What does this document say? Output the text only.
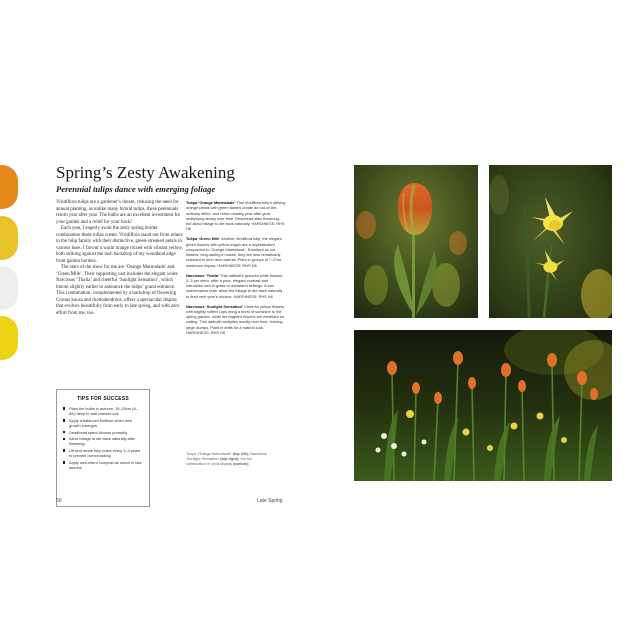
Spring’s Zesty Awakening
Perennial tulips dance with emerging foliage

Viridiflora tulips are a gardener’s dream, reducing the need for annual planting, as unlike many hybrid tulips, these perennials return year after year. The bulbs are an excellent investment for your garden and a relief for your back!

Each year, I eagerly await the zesty spring border combination these tulips create. Viridiflora stand out from others in the tulip family with their distinctive, green-streaked petals in various hues. I favour a warm orange mixed with vibrant yellow, both striking against the lush backdrop of my woodland edge front garden borders.

The stars of the show for me are ‘Orange Marmalade’ and ‘Green Mile’. Their supporting cast includes the elegant white Narcissus ‘Thalia’ and cheerful ‘Sunlight Sensation’, which bloom slightly earlier to announce the tulips’ grand entrance. This combination, complemented by a backdrop of flowering Cornus kousa and rhododendrons, offers a spectacular display that evolves beautifully from early to late spring, and with zero effort from me, too.

Tulipa ‘Orange Marmalade’ This Viridiflora tulip’s striking orange petals with green flames create an out-of-the-ordinary effect, and return reliably year after year, multiplying slowly over time. Deadhead after flowering, but allow foliage to die back naturally. HARDINESS: RHS H6

Tulipa ‘Green Mile’ Another Viridiflora tulip, the elegant green flowers with yellow edges are a sophisticated companion to ‘Orange Marmalade’. Excellent as cut flowers, long-lasting in vases, they are also remarkably resistant to deer and rodents. Plant in groups of 7–9 for maximum impact. HARDINESS: RHS H6

Narcissus ‘Thalia’ This daffodil’s graceful white flowers, 2–3 per stem, offer a pure, elegant contrast and naturalise well in grass or woodland settings. A low-maintenance bulb; allow the foliage to die back naturally to feed next year’s blooms. HARDINESS: RHS H6

Narcissus ‘Sunlight Sensation’ Cheerful yellow flowers with slightly ruffled cups bring a burst of sunshine to the spring garden, while the fragrant blooms are excellent for cutting. This daffodil multiplies readily over time, forming large clumps. Plant in drifts for a natural look. HARDINESS: RHS H6

TIPS FOR SUCCESS
Plant the bulbs in autumn, 15–20cm (6–8in) deep in well-drained soil.
Apply a balanced fertiliser when new growth emerges.
Deadhead spent blooms promptly.
Allow foliage to die back naturally after flowering.
Lift and divide tulip bulbs every 3–4 years to prevent overcrowding.
Apply well-rotted compost as mulch in late autumn.
Tulipa ‘Orange Marmalade’ (top left); Narcissus ‘Sunlight Sensation’ (top right); the full combination in vivid display (bottom)
50	Late Spring
